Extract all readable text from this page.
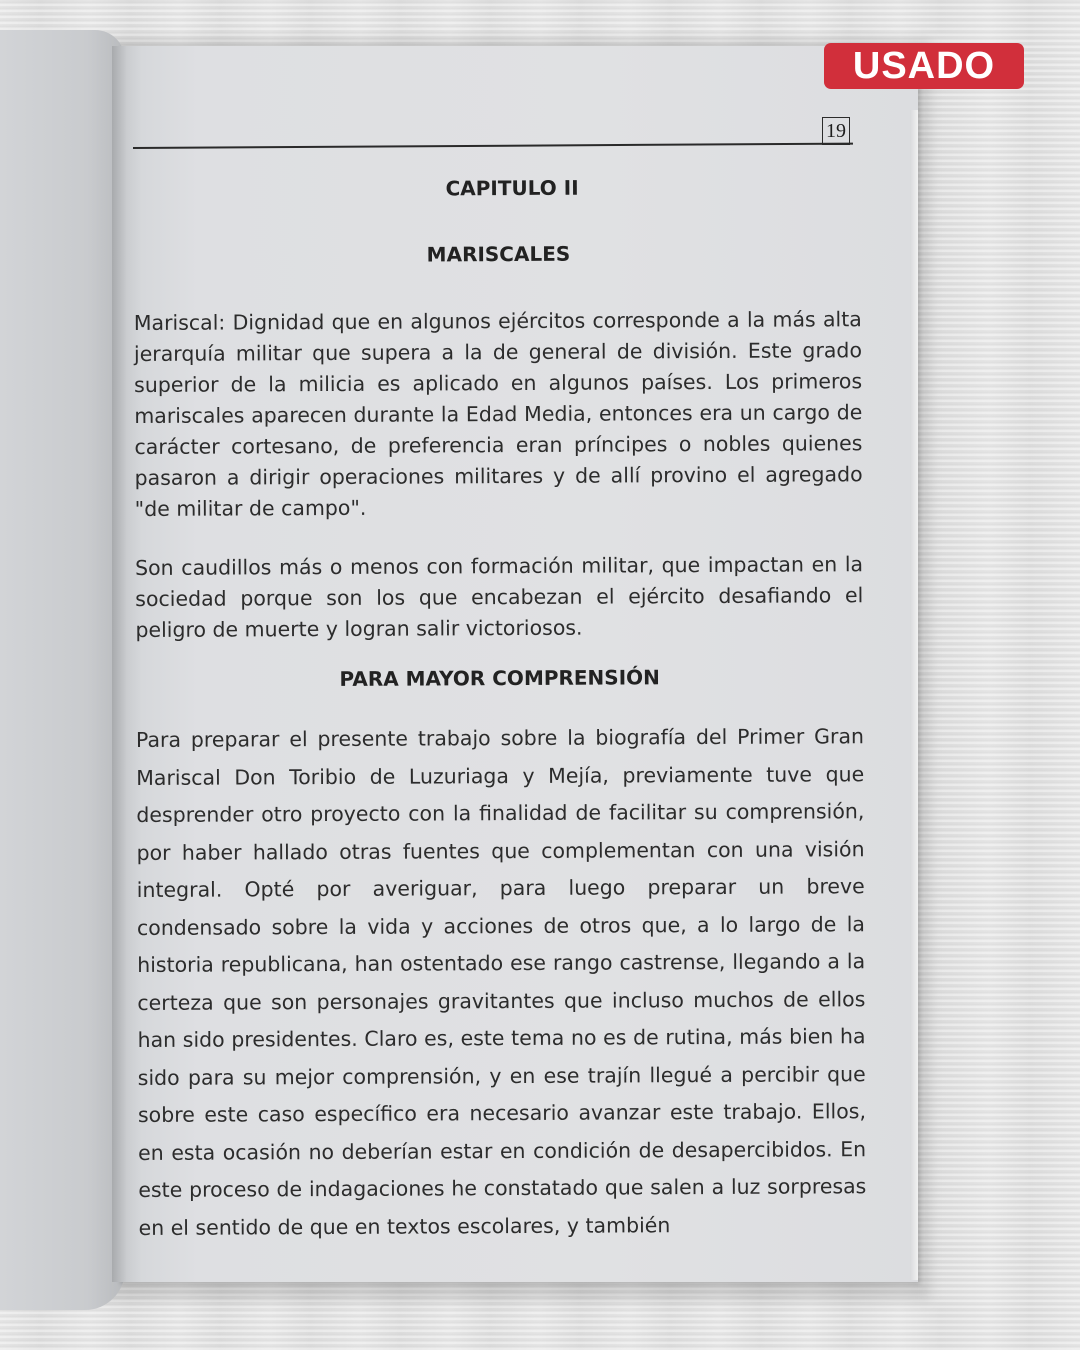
USADO
19
CAPITULO II
MARISCALES

Mariscal: Dignidad que en algunos ejércitos corresponde a la más alta jerarquía militar que supera a la de general de división. Este grado superior de la milicia es aplicado en algunos países. Los primeros mariscales aparecen durante la Edad Media, entonces era un cargo de carácter cortesano, de preferencia eran príncipes o nobles quienes pasaron a dirigir operaciones militares y de allí provino el agregado "de militar de campo".

Son caudillos más o menos con formación militar, que impactan en la sociedad porque son los que encabezan el ejército desafiando el peligro de muerte y logran salir victoriosos.

PARA MAYOR COMPRENSIÓN

Para preparar el presente trabajo sobre la biografía del Primer Gran Mariscal Don Toribio de Luzuriaga y Mejía, previamente tuve que desprender otro proyecto con la finalidad de facilitar su comprensión, por haber hallado otras fuentes que complementan con una visión integral. Opté por averiguar, para luego preparar un breve condensado sobre la vida y acciones de otros que, a lo largo de la historia republicana, han ostentado ese rango castrense, llegando a la certeza que son personajes gravitantes que incluso muchos de ellos han sido presidentes. Claro es, este tema no es de rutina, más bien ha sido para su mejor comprensión, y en ese trajín llegué a percibir que sobre este caso específico era necesario avanzar este trabajo. Ellos, en esta ocasión no deberían estar en condición de desapercibidos. En este proceso de indagaciones he constatado que salen a luz sorpresas en el sentido de que en textos escolares, y también
